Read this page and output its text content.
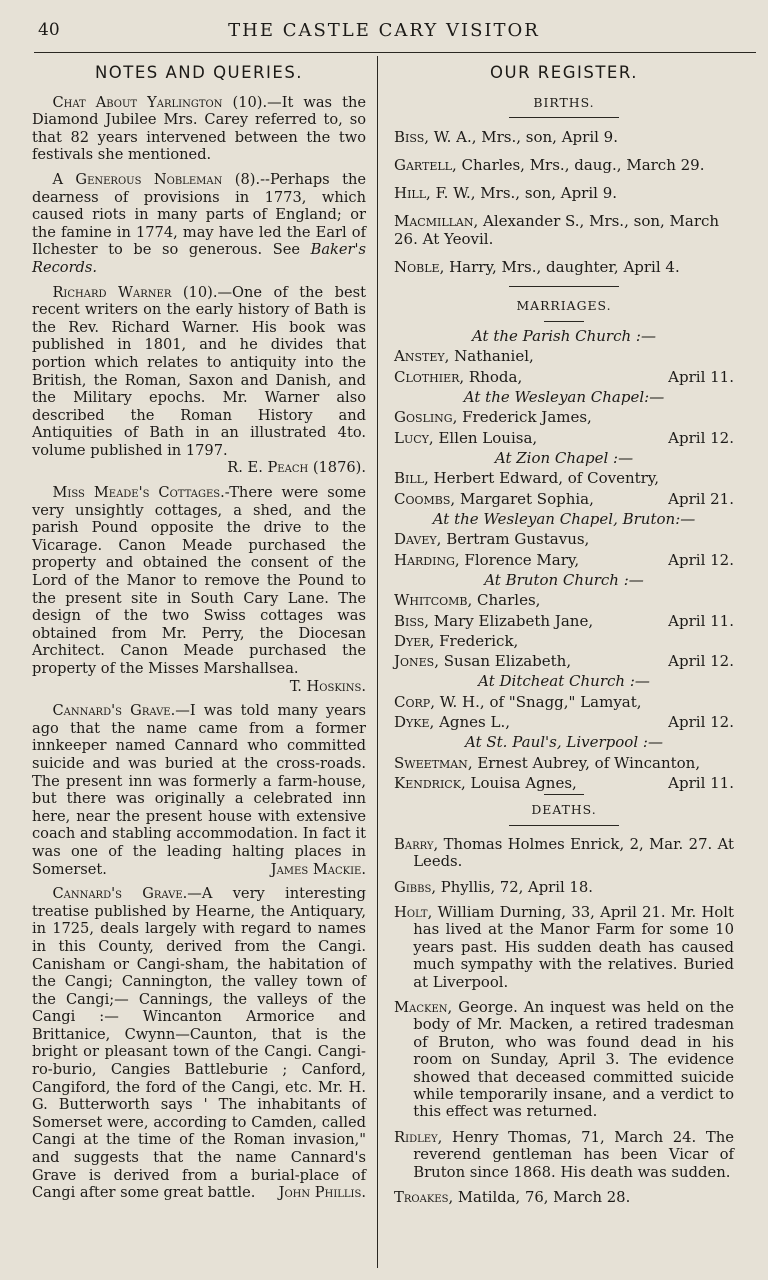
40	THE CASTLE CARY VISITOR
NOTES AND QUERIES.

Chat About Yarlington (10).—It was the Diamond Jubilee Mrs. Carey referred to, so that 82 years intervened between the two festivals she mentioned.

A Generous Nobleman (8).--Perhaps the dearness of provisions in 1773, which caused riots in many parts of England; or the famine in 1774, may have led the Earl of Ilchester to be so generous. See Baker's Records.

Richard Warner (10).—One of the best recent writers on the early history of Bath is the Rev. Richard Warner. His book was published in 1801, and he divides that portion which relates to antiquity into the British, the Roman, Saxon and Danish, and the Military epochs. Mr. Warner also described the Roman History and Antiquities of Bath in an illustrated 4to. volume published in 1797.
R. E. Peach (1876).

Miss Meade's Cottages.-There were some very unsightly cottages, a shed, and the parish Pound opposite the drive to the Vicarage. Canon Meade purchased the property and obtained the consent of the Lord of the Manor to remove the Pound to the present site in South Cary Lane. The design of the two Swiss cottages was obtained from Mr. Perry, the Diocesan Architect. Canon Meade purchased the property of the Misses Marshallsea.
T. Hoskins.

Cannard's Grave.—I was told many years ago that the name came from a former innkeeper named Cannard who committed suicide and was buried at the cross-roads. The present inn was formerly a farm-house, but there was originally a celebrated inn here, near the present house with extensive coach and stabling accommodation. In fact it was one of the leading halting places in Somerset.	James Mackie.

Cannard's Grave.—A very interesting treatise published by Hearne, the Antiquary, in 1725, deals largely with regard to names in this County, derived from the Cangi. Canisham or Cangi-sham, the habitation of the Cangi; Cannington, the valley town of the Cangi;— Cannings, the valleys of the Cangi :— Wincanton Armorice and Brittanice, Cwynn—Caunton, that is the bright or pleasant town of the Cangi. Cangi-ro-burio, Cangies Battleburie ; Canford, Cangiford, the ford of the Cangi, etc. Mr. H. G. Butterworth says ' The inhabitants of Somerset were, according to Camden, called Cangi at the time of the Roman invasion," and suggests that the name Cannard's Grave is derived from a burial-place of Cangi after some great battle.	John Phillis.

OUR REGISTER.
BIRTHS.

Biss, W. A., Mrs., son, April 9.

Gartell, Charles, Mrs., daug., March 29.

Hill, F. W., Mrs., son, April 9.

Macmillan, Alexander S., Mrs., son, March 26. At Yeovil.

Noble, Harry, Mrs., daughter, April 4.

MARRIAGES.
At the Parish Church :—
Anstey, Nathaniel,
Clothier, Rhoda,	April 11.
At the Wesleyan Chapel:—
Gosling, Frederick James,
Lucy, Ellen Louisa,	April 12.
At Zion Chapel :—
Bill, Herbert Edward, of Coventry,
Coombs, Margaret Sophia,	April 21.
At the Wesleyan Chapel, Bruton:—
Davey, Bertram Gustavus,
Harding, Florence Mary,	April 12.
At Bruton Church :—
Whitcomb, Charles,
Biss, Mary Elizabeth Jane,	April 11.
Dyer, Frederick,
Jones, Susan Elizabeth,	April 12.
At Ditcheat Church :—
Corp, W. H., of "Snagg," Lamyat,
Dyke, Agnes L.,	April 12.
At St. Paul's, Liverpool :—
Sweetman, Ernest Aubrey, of Wincanton,
Kendrick, Louisa Agnes,	April 11.
DEATHS.

Barry, Thomas Holmes Enrick, 2, Mar. 27. At Leeds.

Gibbs, Phyllis, 72, April 18.

Holt, William Durning, 33, April 21. Mr. Holt has lived at the Manor Farm for some 10 years past. His sudden death has caused much sympathy with the relatives. Buried at Liverpool.

Macken, George. An inquest was held on the body of Mr. Macken, a retired tradesman of Bruton, who was found dead in his room on Sunday, April 3. The evidence showed that deceased committed suicide while temporarily insane, and a verdict to this effect was returned.

Ridley, Henry Thomas, 71, March 24. The reverend gentleman has been Vicar of Bruton since 1868. His death was sudden.

Troakes, Matilda, 76, March 28.
